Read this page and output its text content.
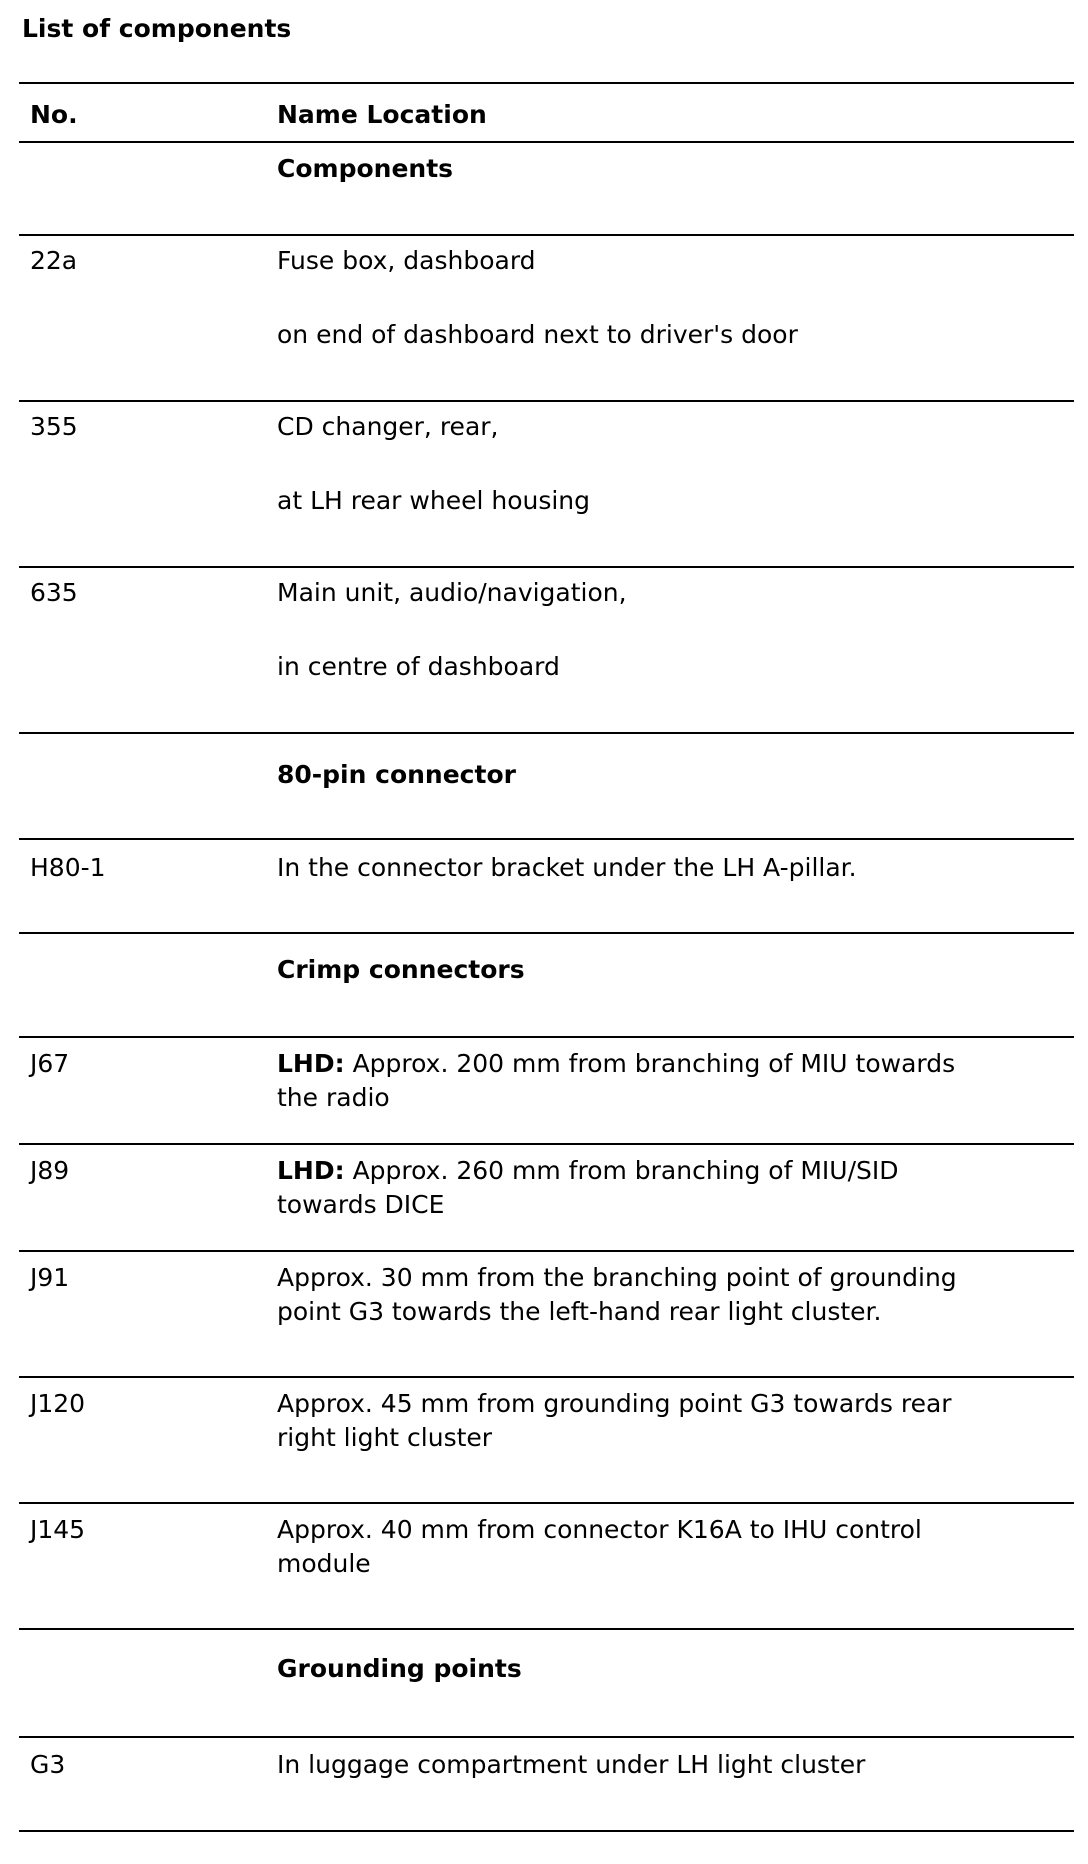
List of components
No.	Name Location
Components
22a	Fuse box, dashboard
on end of dashboard next to driver's door
355	CD changer, rear,
at LH rear wheel housing
635	Main unit, audio/navigation,
in centre of dashboard
80-pin connector
H80-1	In the connector bracket under the LH A-pillar.
Crimp connectors
J67	LHD: Approx. 200 mm from branching of MIU towards
the radio
J89	LHD: Approx. 260 mm from branching of MIU/SID
towards DICE
J91	Approx. 30 mm from the branching point of grounding
point G3 towards the left-hand rear light cluster.
J120	Approx. 45 mm from grounding point G3 towards rear
right light cluster
J145	Approx. 40 mm from connector K16A to IHU control
module
Grounding points
G3	In luggage compartment under LH light cluster
